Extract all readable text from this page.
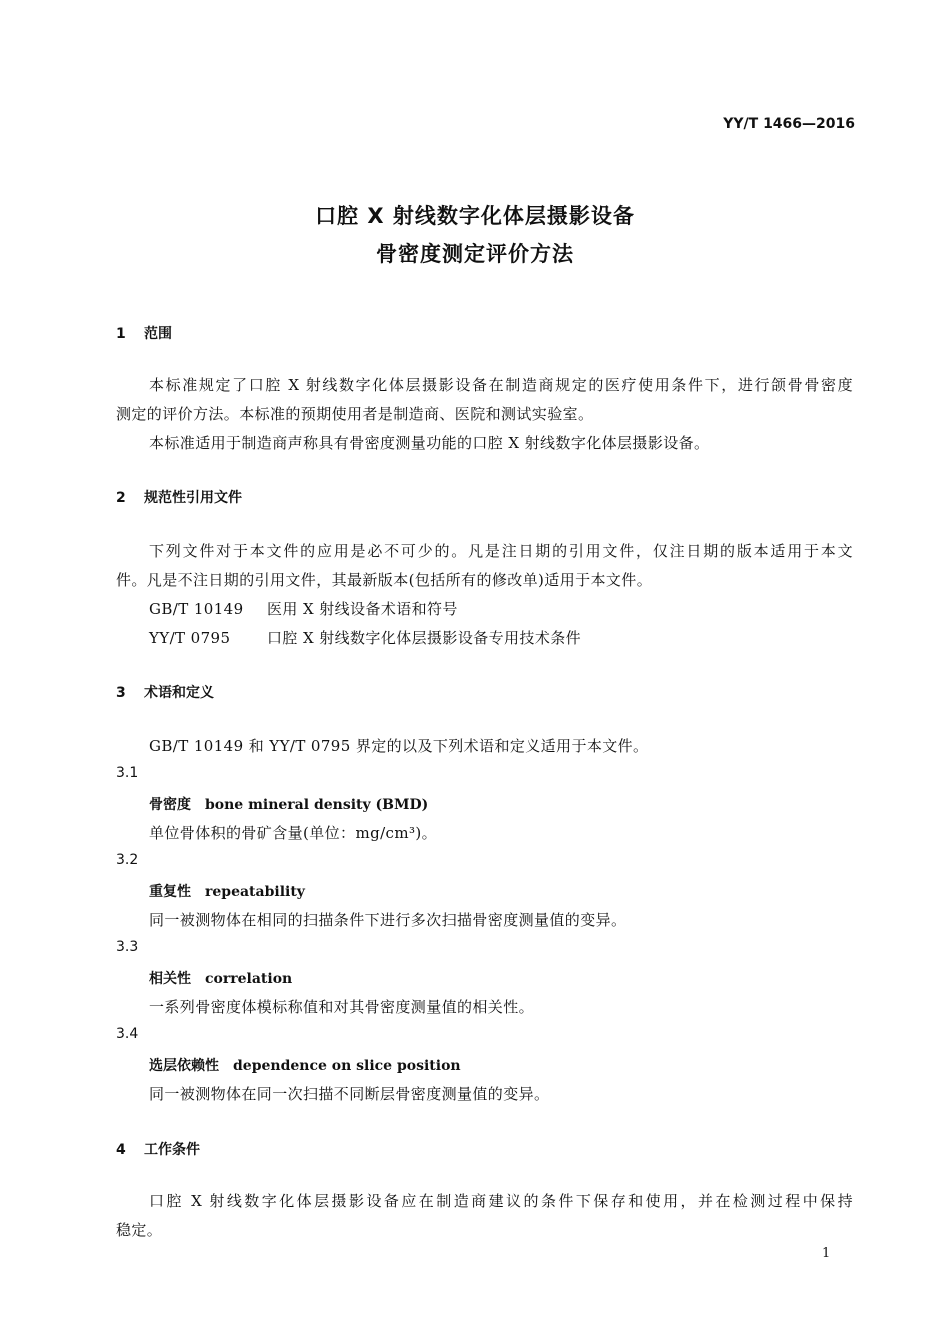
YY/T 1466—2016
口腔 X 射线数字化体层摄影设备
骨密度测定评价方法
1 范围
本标准规定了口腔 X 射线数字化体层摄影设备在制造商规定的医疗使用条件下，进行颌骨骨密度
测定的评价方法。本标准的预期使用者是制造商、医院和测试实验室。
本标准适用于制造商声称具有骨密度测量功能的口腔 X 射线数字化体层摄影设备。
2 规范性引用文件
下列文件对于本文件的应用是必不可少的。凡是注日期的引用文件，仅注日期的版本适用于本文
件。凡是不注日期的引用文件，其最新版本(包括所有的修改单)适用于本文件。
GB/T 10149 医用 X 射线设备术语和符号
YY/T 0795 口腔 X 射线数字化体层摄影设备专用技术条件
3 术语和定义
GB/T 10149 和 YY/T 0795 界定的以及下列术语和定义适用于本文件。
3.1
骨密度 bone mineral density (BMD)
单位骨体积的骨矿含量(单位：mg/cm³)。
3.2
重复性 repeatability
同一被测物体在相同的扫描条件下进行多次扫描骨密度测量值的变异。
3.3
相关性 correlation
一系列骨密度体模标称值和对其骨密度测量值的相关性。
3.4
选层依赖性 dependence on slice position
同一被测物体在同一次扫描不同断层骨密度测量值的变异。
4 工作条件
口腔 X 射线数字化体层摄影设备应在制造商建议的条件下保存和使用，并在检测过程中保持
稳定。
1
